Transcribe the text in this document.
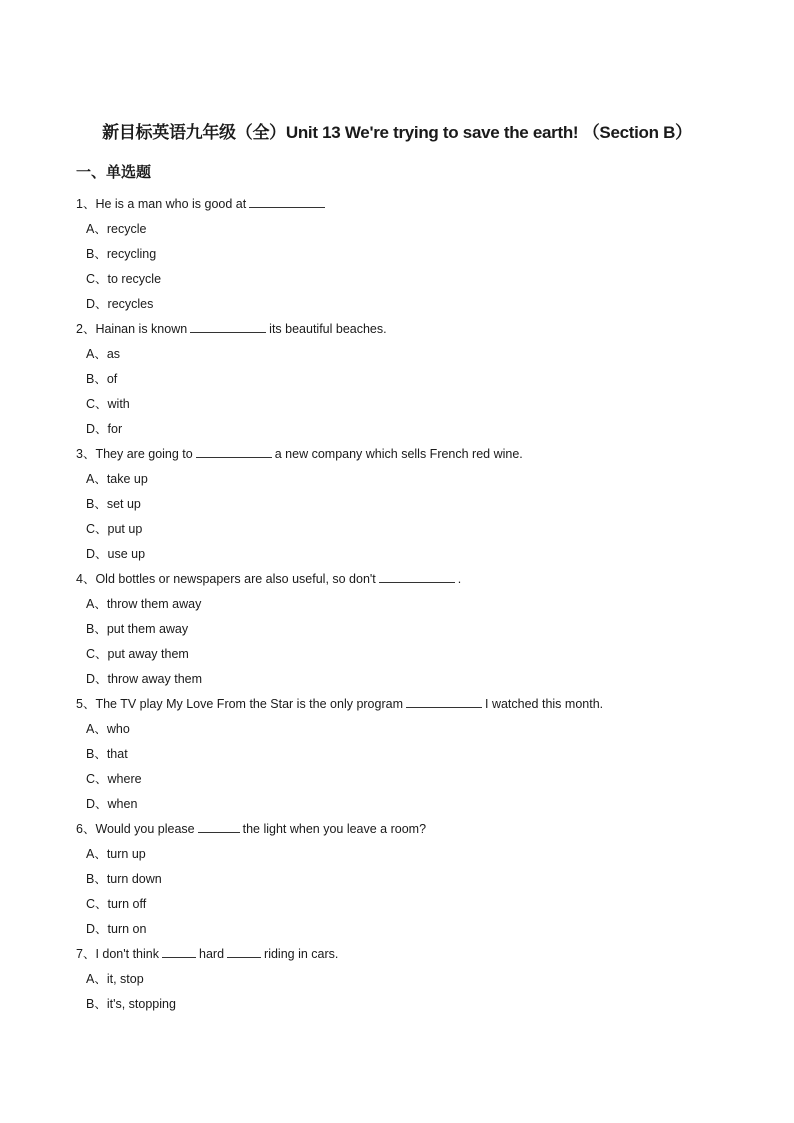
新目标英语九年级（全）Unit 13 We're trying to save the earth! （Section B）
一、单选题
1、He is a man who is good at
A、recycle
B、recycling
C、to recycle
D、recycles
2、Hainan is known	its beautiful beaches.
A、as
B、of
C、with
D、for
3、They are going to	a new company which sells French red wine.
A、take up
B、set up
C、put up
D、use up
4、Old bottles or newspapers are also useful, so don't	.
A、throw them away
B、put them away
C、put away them
D、throw away them
5、The TV play My Love From the Star is the only program	I watched this month.
A、who
B、that
C、where
D、when
6、Would you please	the light when you leave a room?
A、turn up
B、turn down
C、turn off
D、turn on
7、I don't think	hard	riding in cars.
A、it, stop
B、it's, stopping
